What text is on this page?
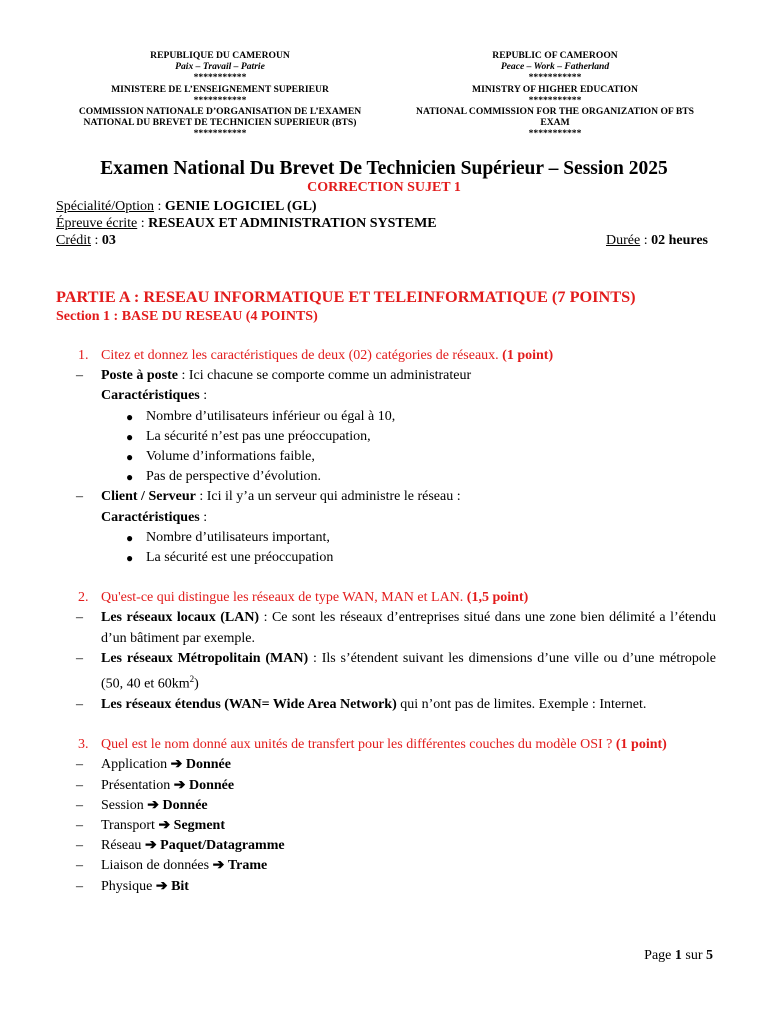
REPUBLIQUE DU CAMEROUN
Paix – Travail – Patrie
***********
MINISTERE DE L’ENSEIGNEMENT SUPERIEUR
***********
COMMISSION NATIONALE D’ORGANISATION DE L’EXAMEN
NATIONAL DU BREVET DE TECHNICIEN SUPERIEUR (BTS)
***********
REPUBLIC OF CAMEROON
Peace – Work – Fatherland
***********
MINISTRY OF HIGHER EDUCATION
***********
NATIONAL COMMISSION FOR THE ORGANIZATION OF BTS
EXAM
***********
Examen National Du Brevet De Technicien Supérieur – Session 2025
CORRECTION SUJET 1
Spécialité/Option : GENIE LOGICIEL (GL)
Épreuve écrite : RESEAUX ET ADMINISTRATION SYSTEME
Crédit : 03	Durée : 02 heures
PARTIE A : RESEAU INFORMATIQUE ET TELEINFORMATIQUE (7 POINTS)
Section 1 : BASE DU RESEAU (4 POINTS)
1. Citez et donnez les caractéristiques de deux (02) catégories de réseaux. (1 point)
– Poste à poste : Ici chacune se comporte comme un administrateur
Caractéristiques :
● Nombre d’utilisateurs inférieur ou égal à 10,
● La sécurité n’est pas une préoccupation,
● Volume d’informations faible,
● Pas de perspective d’évolution.
– Client / Serveur : Ici il y’a un serveur qui administre le réseau :
Caractéristiques :
● Nombre d’utilisateurs important,
● La sécurité est une préoccupation
2. Qu'est-ce qui distingue les réseaux de type WAN, MAN et LAN. (1,5 point)
– Les réseaux locaux (LAN) : Ce sont les réseaux d’entreprises situé dans une zone bien délimité a l’étendu d’un bâtiment par exemple.
– Les réseaux Métropolitain (MAN) : Ils s’étendent suivant les dimensions d’une ville ou d’une métropole (50, 40 et $60km^2$)
– Les réseaux étendus (WAN= Wide Area Network) qui n’ont pas de limites. Exemple : Internet.
3. Quel est le nom donné aux unités de transfert pour les différentes couches du modèle OSI ? (1 point)
– Application ➔ Donnée
– Présentation ➔ Donnée
– Session ➔ Donnée
– Transport ➔ Segment
– Réseau ➔ Paquet/Datagramme
– Liaison de données ➔ Trame
– Physique ➔ Bit
Page 1 sur 5
